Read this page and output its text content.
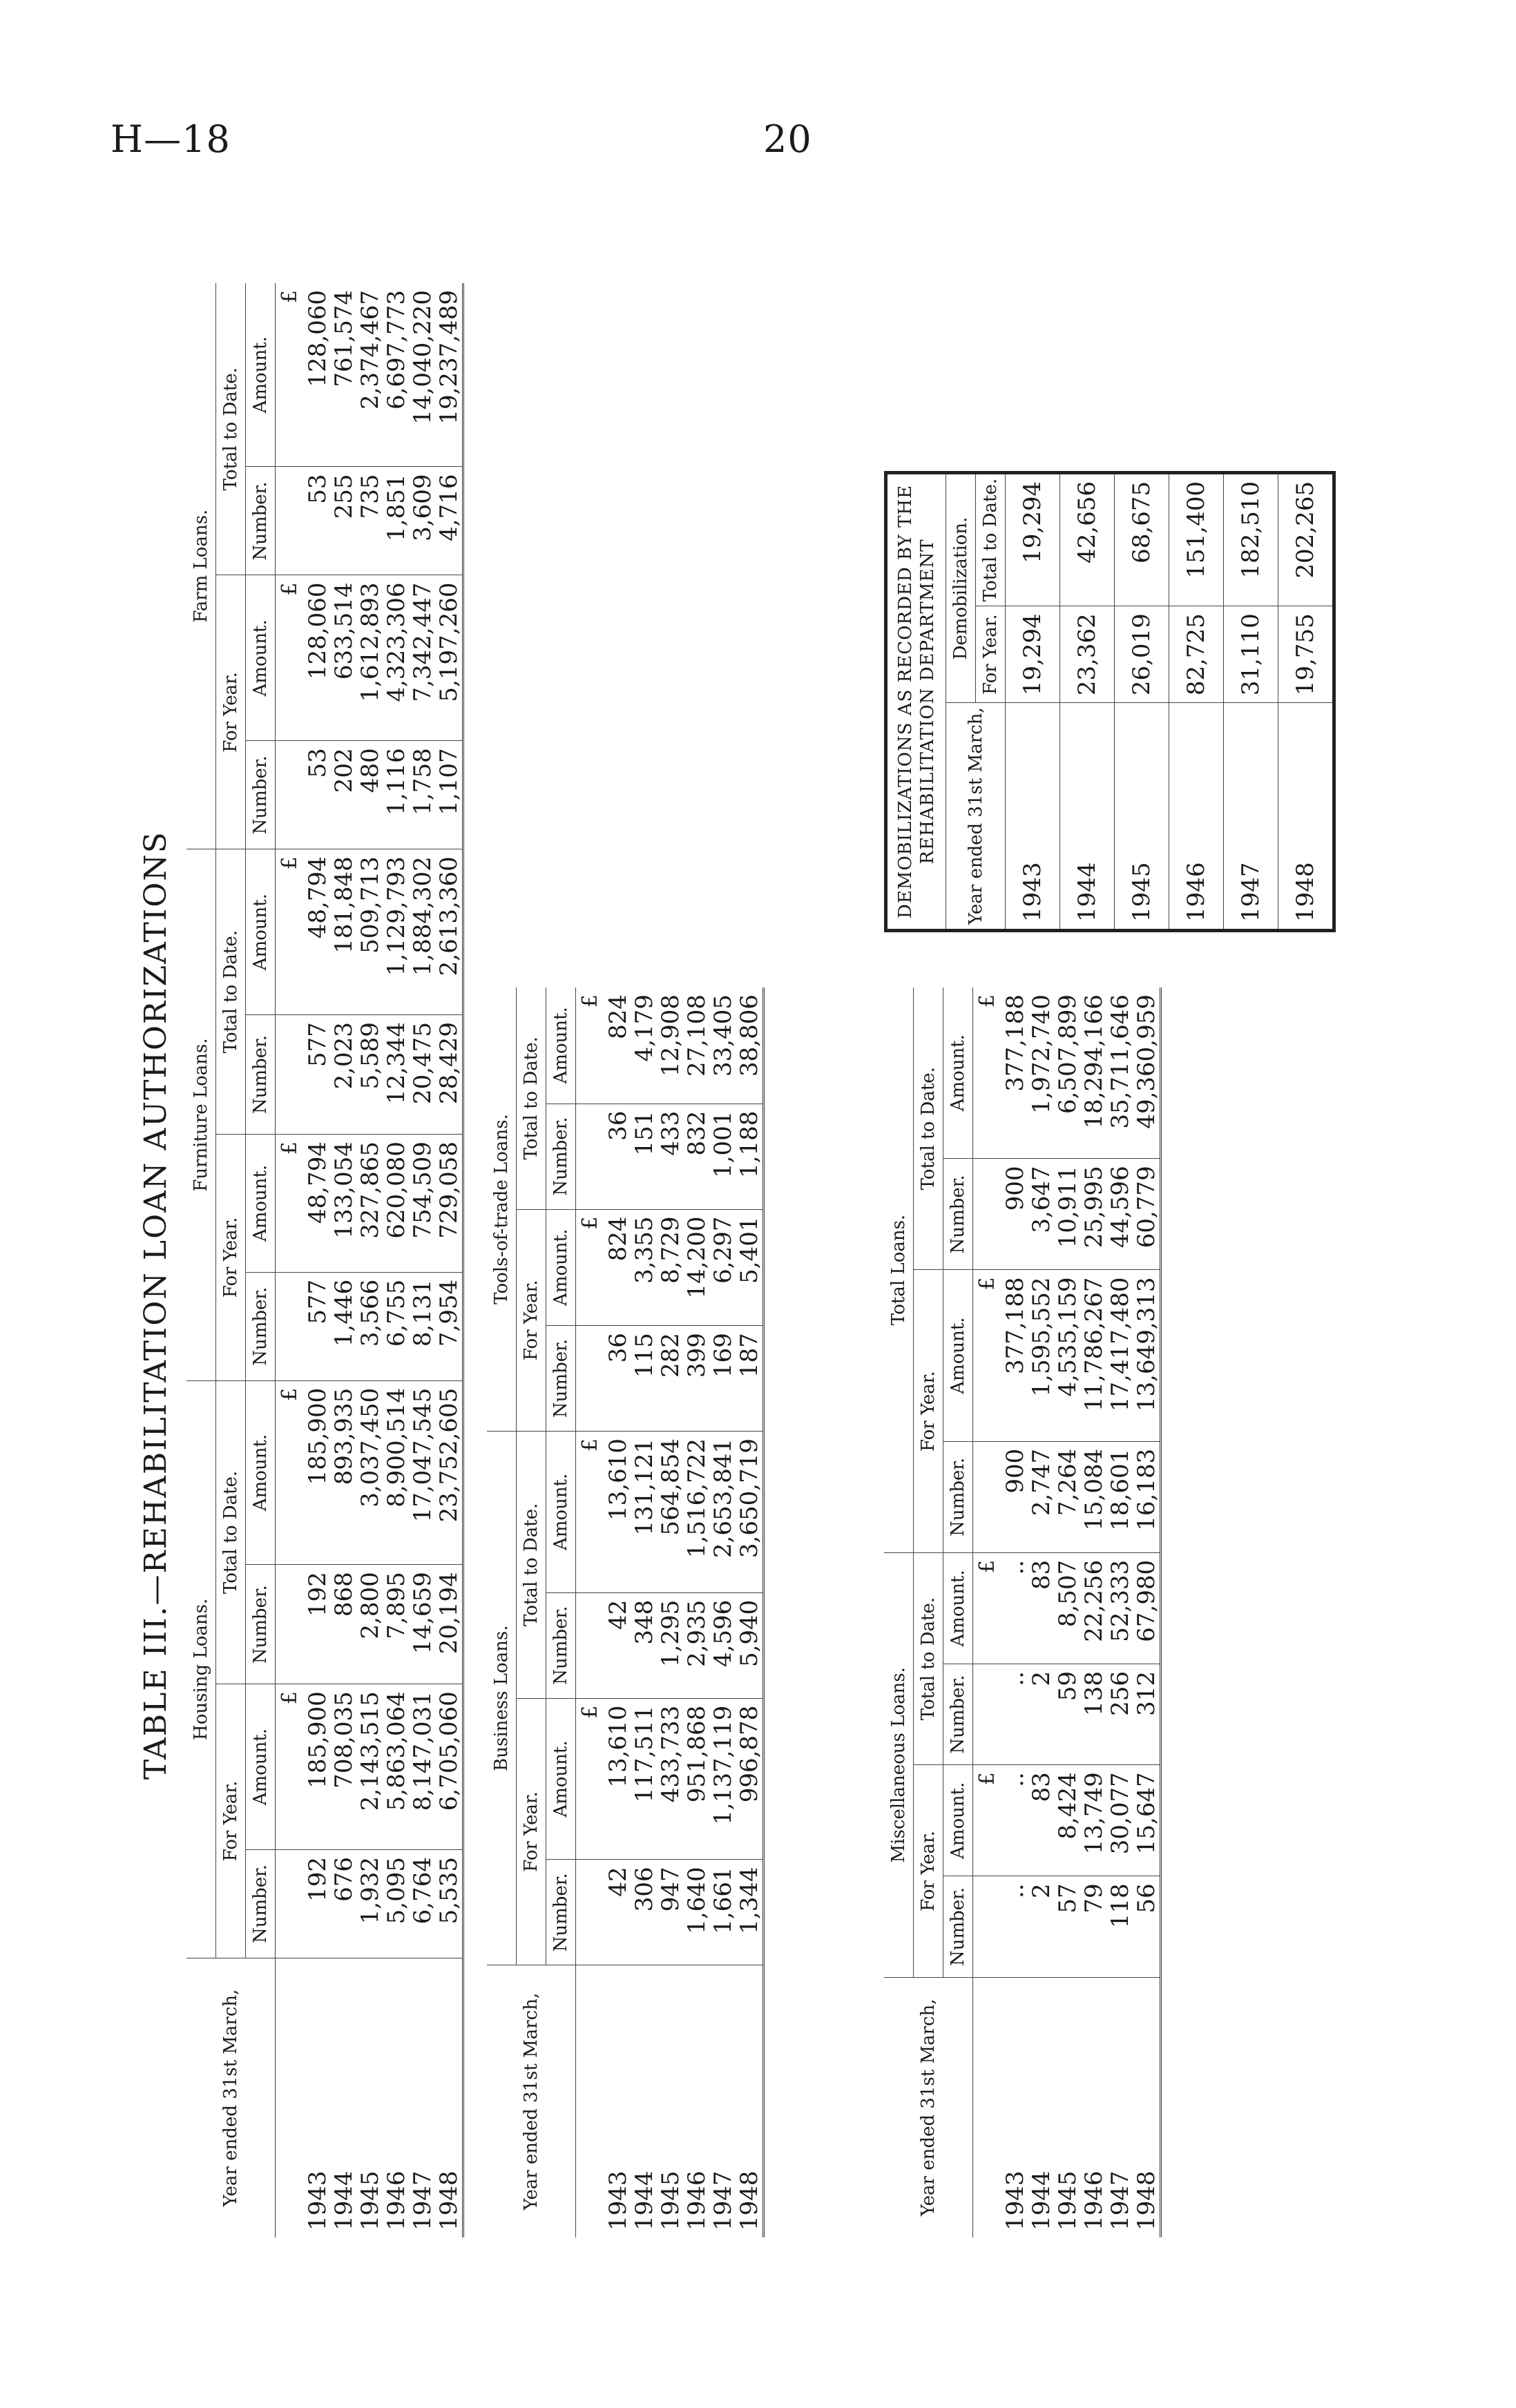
H—18	20
TABLE III.—REHABILITATION LOAN AUTHORIZATIONS
Year ended 31st March,	Housing Loans.				Furniture Loans.				Farm Loans.			
	For Year.		Total to Date.		For Year.		Total to Date.		For Year.		Total to Date.	
	Number.	Amount.	Number.	Amount.	Number.	Amount.	Number.	Amount.	Number.	Amount.	Number.	Amount.
		£		£		£		£		£		£
1943	192	185,900	192	185,900	577	48,794	577	48,794	53	128,060	53	128,060
1944	676	708,035	868	893,935	1,446	133,054	2,023	181,848	202	633,514	255	761,574
1945	1,932	2,143,515	2,800	3,037,450	3,566	327,865	5,589	509,713	480	1,612,893	735	2,374,467
1946	5,095	5,863,064	7,895	8,900,514	6,755	620,080	12,344	1,129,793	1,116	4,323,306	1,851	6,697,773
1947	6,764	8,147,031	14,659	17,047,545	8,131	754,509	20,475	1,884,302	1,758	7,342,447	3,609	14,040,220
1948	5,535	6,705,060	20,194	23,752,605	7,954	729,058	28,429	2,613,360	1,107	5,197,260	4,716	19,237,489
Year ended 31st March,	Business Loans.				Tools-of-trade Loans.			
	For Year.		Total to Date.		For Year.		Total to Date.	
	Number.	Amount.	Number.	Amount.	Number.	Amount.	Number.	Amount.
		£		£		£		£
1943	42	13,610	42	13,610	36	824	36	824
1944	306	117,511	348	131,121	115	3,355	151	4,179
1945	947	433,733	1,295	564,854	282	8,729	433	12,908
1946	1,640	951,868	2,935	1,516,722	399	14,200	832	27,108
1947	1,661	1,137,119	4,596	2,653,841	169	6,297	1,001	33,405
1948	1,344	996,878	5,940	3,650,719	187	5,401	1,188	38,806
Year ended 31st March,	Miscellaneous Loans.				Total Loans.			
	For Year.		Total to Date.		For Year.		Total to Date.	
	Number.	Amount.	Number.	Amount.	Number.	Amount.	Number.	Amount.
		£		£		£		£
1943	..	..	..	..	900	377,188	900	377,188
1944	2	83	2	83	2,747	1,595,552	3,647	1,972,740
1945	57	8,424	59	8,507	7,264	4,535,159	10,911	6,507,899
1946	79	13,749	138	22,256	15,084	11,786,267	25,995	18,294,166
1947	118	30,077	256	52,333	18,601	17,417,480	44,596	35,711,646
1948	56	15,647	312	67,980	16,183	13,649,313	60,779	49,360,959
DEMOBILIZATIONS AS RECORDED BY THE REHABILITATION DEPARTMENT		
Year ended 31st March,	Demobilization.	
	For Year.	Total to Date.
1943	19,294	19,294
1944	23,362	42,656
1945	26,019	68,675
1946	82,725	151,400
1947	31,110	182,510
1948	19,755	202,265
